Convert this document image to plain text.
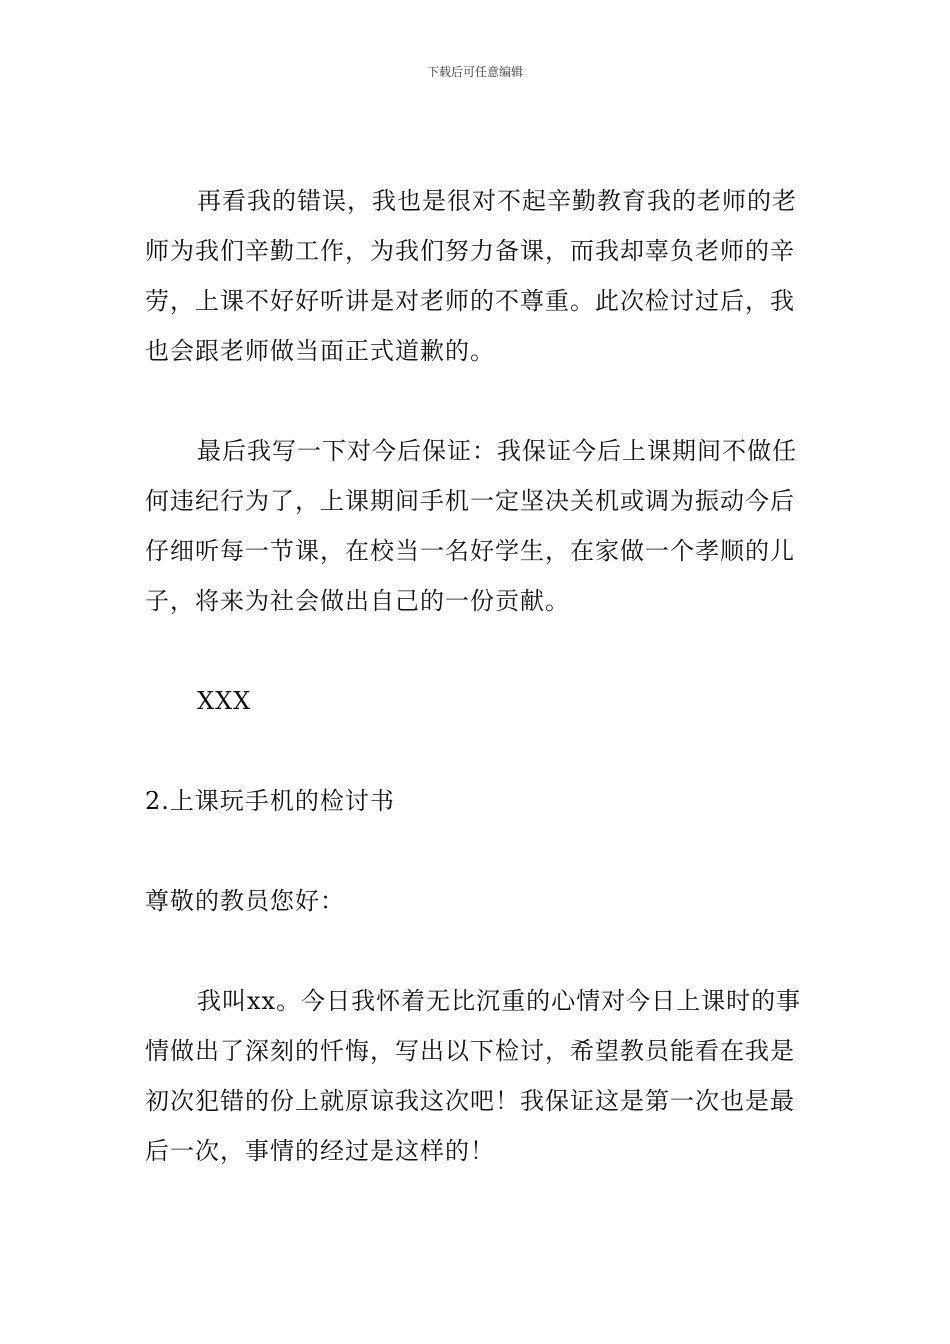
下载后可任意编辑

再看我的错误，我也是很对不起辛勤教育我的老师的老师为我们辛勤工作，为我们努力备课，而我却辜负老师的辛劳，上课不好好听讲是对老师的不尊重。此次检讨过后，我也会跟老师做当面正式道歉的。

最后我写一下对今后保证：我保证今后上课期间不做任何违纪行为了，上课期间手机一定坚决关机或调为振动今后仔细听每一节课，在校当一名好学生，在家做一个孝顺的儿子，将来为社会做出自己的一份贡献。

XXX

2.上课玩手机的检讨书

尊敬的教员您好：

我叫xx。今日我怀着无比沉重的心情对今日上课时的事情做出了深刻的忏悔，写出以下检讨，希望教员能看在我是初次犯错的份上就原谅我这次吧！我保证这是第一次也是最后一次，事情的经过是这样的！
